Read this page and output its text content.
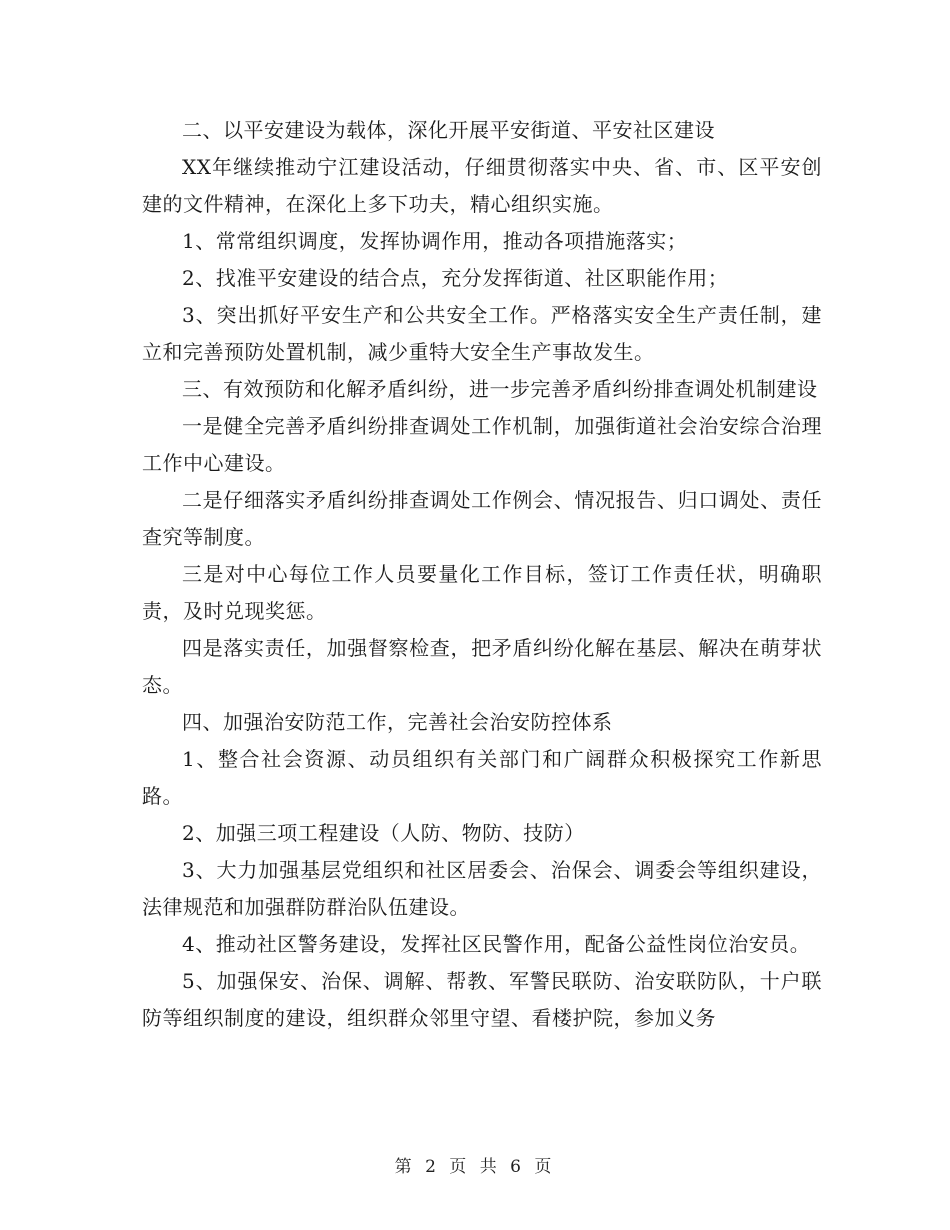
二、以平安建设为载体，深化开展平安街道、平安社区建设

XX年继续推动宁江建设活动，仔细贯彻落实中央、省、市、区平安创建的文件精神，在深化上多下功夫，精心组织实施。

1、常常组织调度，发挥协调作用，推动各项措施落实；

2、找准平安建设的结合点，充分发挥街道、社区职能作用；

3、突出抓好平安生产和公共安全工作。严格落实安全生产责任制，建立和完善预防处置机制，减少重特大安全生产事故发生。

三、有效预防和化解矛盾纠纷，进一步完善矛盾纠纷排查调处机制建设

一是健全完善矛盾纠纷排查调处工作机制，加强街道社会治安综合治理工作中心建设。

二是仔细落实矛盾纠纷排查调处工作例会、情况报告、归口调处、责任查究等制度。

三是对中心每位工作人员要量化工作目标，签订工作责任状，明确职责，及时兑现奖惩。

四是落实责任，加强督察检查，把矛盾纠纷化解在基层、解决在萌芽状态。

四、加强治安防范工作，完善社会治安防控体系

1、整合社会资源、动员组织有关部门和广阔群众积极探究工作新思路。

2、加强三项工程建设（人防、物防、技防）

3、大力加强基层党组织和社区居委会、治保会、调委会等组织建设，法律规范和加强群防群治队伍建设。

4、推动社区警务建设，发挥社区民警作用，配备公益性岗位治安员。

5、加强保安、治保、调解、帮教、军警民联防、治安联防队，十户联防等组织制度的建设，组织群众邻里守望、看楼护院，参加义务

第 2 页 共 6 页
